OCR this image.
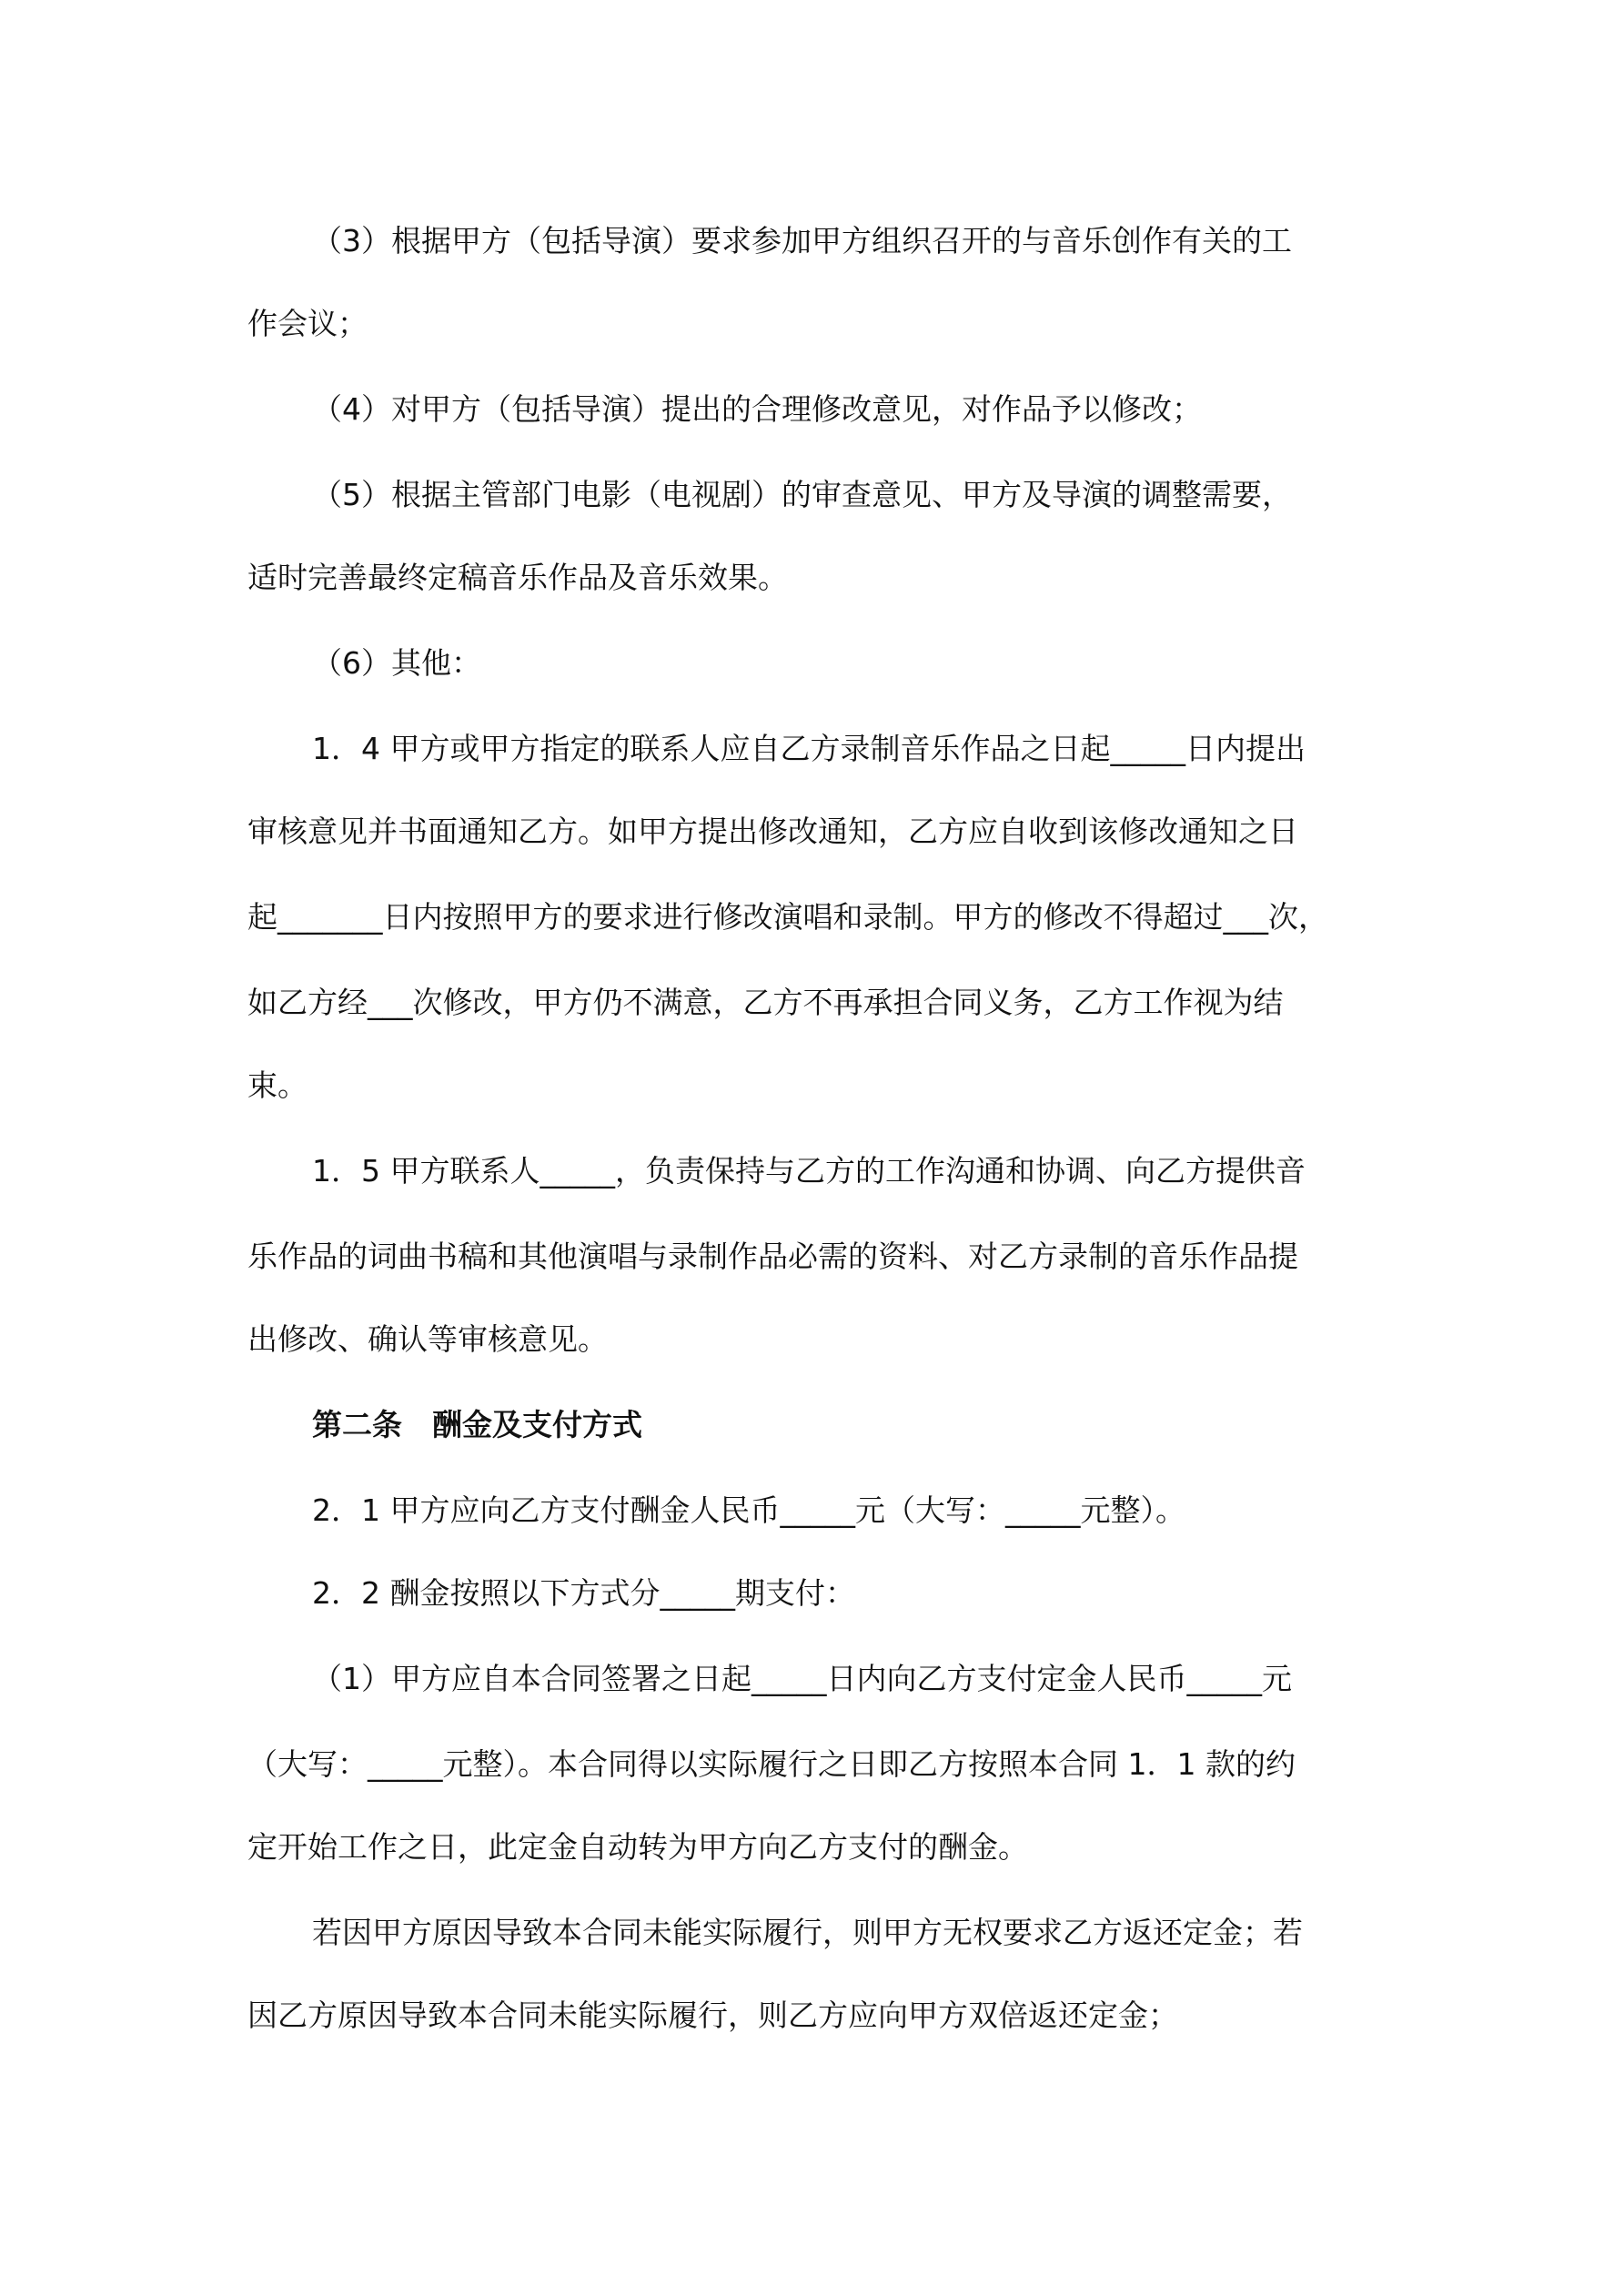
（3）根据甲方（包括导演）要求参加甲方组织召开的与音乐创作有关的工
作会议；
（4）对甲方（包括导演）提出的合理修改意见，对作品予以修改；
（5）根据主管部门电影（电视剧）的审查意见、甲方及导演的调整需要，
适时完善最终定稿音乐作品及音乐效果。
（6）其他：
1．4 甲方或甲方指定的联系人应自乙方录制音乐作品之日起_____日内提出
审核意见并书面通知乙方。如甲方提出修改通知，乙方应自收到该修改通知之日
起_______日内按照甲方的要求进行修改演唱和录制。甲方的修改不得超过___次，
如乙方经___次修改，甲方仍不满意，乙方不再承担合同义务，乙方工作视为结
束。
1．5 甲方联系人_____，负责保持与乙方的工作沟通和协调、向乙方提供音
乐作品的词曲书稿和其他演唱与录制作品必需的资料、对乙方录制的音乐作品提
出修改、确认等审核意见。
第二条　酬金及支付方式
2．1 甲方应向乙方支付酬金人民币_____元（大写：_____元整）。
2．2 酬金按照以下方式分_____期支付：
（1）甲方应自本合同签署之日起_____日内向乙方支付定金人民币_____元
（大写：_____元整）。本合同得以实际履行之日即乙方按照本合同 1．1 款的约
定开始工作之日，此定金自动转为甲方向乙方支付的酬金。
若因甲方原因导致本合同未能实际履行，则甲方无权要求乙方返还定金；若
因乙方原因导致本合同未能实际履行，则乙方应向甲方双倍返还定金；
